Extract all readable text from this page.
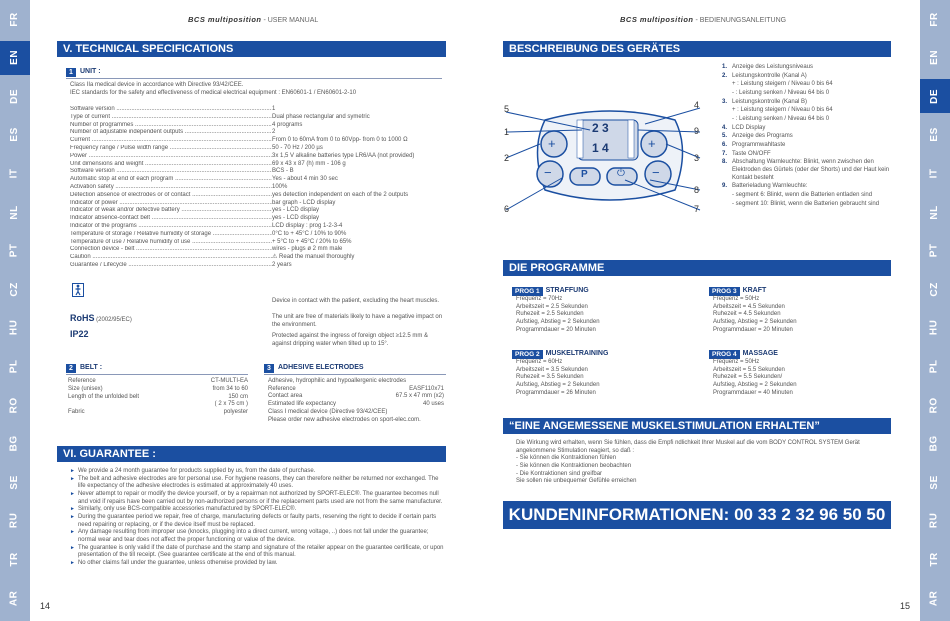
FR
EN
DE
ES
IT
NL
PT
CZ
HU
PL
RO
BG
SE
RU
TR
AR
FR
EN
DE
ES
IT
NL
PT
CZ
HU
PL
RO
BG
SE
RU
TR
AR
BCS multiposition - USER MANUAL
V. TECHNICAL SPECIFICATIONS
1	UNIT :
Class IIa medical device in accordance with Directive 93/42/CEE.
IEC standards for the safety and effectiveness of medical electrical equipment : EN60601-1 / EN60601-2-10
Software version .....	1
Type of current .....	Dual phase rectangular and symetric
Number of programmes .....	4 programs
Number of adjustable independent outputs .....	2
Current .....	From 0 to 60mA from 0 to 60Vpp- from 0 to 1000 Ω
Frequency range / Pulse width range .....	50 - 70 Hz / 200 µs
Power .....	3x 1,5 V alkaline batteries type LR6/AA (not provided)
Unit dimensions and weight .....	69 x 43 x 87 (h) mm - 106 g
Software version .....	BCS - B
Automatic stop at end of each program .....	Yes - about 4 min 30 sec
Activation safety .....	100%
Detection absence of electrodes or of contact .....	yes detection independent on each of the 2 outputs
Indicator of power .....	bar graph - LCD display
Indicator of weak and/or defective battery .....	yes - LCD display
Indicator absence-contact belt .....	yes - LCD display
Indicator of the programs .....	LCD display : prog 1-2-3-4
Temperature of storage / Relative humidity of storage .....	0°C to + 45°C / 10% to 90%
Temperature of use / Relative humidity of use .....	+ 5°C to + 45°C / 20% to 65%
Connection device - belt .....	wires - plugs ø 2 mm male
Caution .....	⚠ Read the manuel thoroughly
Guarantee / Lifecycle .....	2 years
RoHS (2002/95/EC)
IP22
Device in contact with the patient, excluding the heart muscles.
The unit are free of materials likely to have a negative impact on the environment.
Protected against the ingress of foreign object ≥12.5 mm & against dripping water when tilted up to 15°.
2	BELT :
Reference	CT-MULTI-EA
Size (unisex)	from 34 to 60
Length of the unfolded belt	150 cm
( 2 x 75 cm )
Fabric	polyester
3	ADHESIVE ELECTRODES
Adhesive, hydrophilic and hypoallergenic electrodes
Reference	EASF110x71
Contact area	67.5 x 47 mm (x2)
Estimated life expectancy	40 uses
Class I medical device (Directive 93/42/CEE)
Please order new adhesive electrodes on sport-elec.com.
VI. GUARANTEE :
► We provide a 24 month guarantee for products supplied by us, from the date of purchase.
► The belt and adhesive electrodes are for personal use. For hygiene reasons, they can therefore neither be returned nor exchanged. The life expectancy of the adhesive electrodes is estimated at approximately 40 uses.
► Never attempt to repair or modify the device yourself, or by a repairman not authorized by SPORT-ELEC®. The guarantee becomes null and void if repairs have been carried out by non-authorized persons or if the replacement parts used are not from the same manufacturer.
► Similarly, only use BCS-compatible accessories manufactured by SPORT-ELEC®.
► During the guarantee period we repair, free of charge, manufacturing defects or faulty parts, reserving the right to decide if certain parts need repairing or replacing, or if the device itself must be replaced.
► Any damage resulting from improper use (knocks, plugging into a direct current, wrong voltage, ..) does not fall under the guarantee; normal wear and tear does not affect the proper functioning or value of the device.
► The guarantee is only valid if the date of purchase and the stamp and signature of the retailer appear on the guarantee certificate, or upon presentation of the till receipt. (See guarantee certificate at the end of this manual.
► No other claims fall under the guarantee, unless otherwise provided by law.
14
BCS multiposition - BEDIENUNGSANLEITUNG
BESCHREIBUNG DES GERÄTES
2 3
1 4
+	+
−	−
P	⏻
5
1
2
6
4
9
3
8
7
1. Anzeige des Leistungsniveaus
2. Leistungskontrolle (Kanal A)
+ : Leistung steigern / Niveau 0 bis 64
- : Leistung senken / Niveau 64 bis 0
3. Leistungskontrolle (Kanal B)
+ : Leistung steigern / Niveau 0 bis 64
- : Leistung senken / Niveau 64 bis 0
4. LCD Display
5. Anzeige des Programs
6. Programmwahltaste
7. Taste ON/OFF
8. Abschaltung Warnleuchte: Blinkt, wenn zwischen den Elektroden des Gürtels (oder der Shorts) und der Haut kein Kontakt besteht
9. Batterieladung Warnleuchte:
- segment 6: Blinkt, wenn die Batterien entladen sind
- segment 10: Blinkt, wenn die Batterien gebraucht sind
DIE PROGRAMME
PROG 1 STRAFFUNG
Frequenz = 70Hz
Arbeitszeit = 2.5 Sekunden
Ruhezeit = 2.5 Sekunden
Aufstieg, Abstieg = 2 Sekunden
Programmdauer = 20 Minuten
PROG 3 KRAFT
Frequenz = 50Hz
Arbeitszeit = 4.5 Sekunden
Ruhezeit = 4.5 Sekunden
Aufstieg, Abstieg = 2 Sekunden
Programmdauer = 20 Minuten
PROG 2 MUSKELTRAINING
Frequenz = 60Hz
Arbeitszeit = 3.5 Sekunden
Ruhezeit = 3.5 Sekunden
Aufstieg, Abstieg = 2 Sekunden
Programmdauer = 26 Minuten
PROG 4 MASSAGE
Frequenz = 50Hz
Arbeitszeit = 5.5 Sekunden
Ruhezeit = 5.5 Sekunden/
Aufstieg, Abstieg = 2 Sekunden
Programmdauer = 40 Minuten
“EINE ANGEMESSENE MUSKELSTIMULATION ERHALTEN”
Die Wirkung wird erhalten, wenn Sie fühlen, dass die Empfi ndlichkeit Ihrer Muskel auf die vom BODY CONTROL SYSTEM Gerät
angekommene Stimulation reagiert, so daß :
- Sie können die Kontraktionen fühlen
- Sie können die Kontraktionen beobachten
- Die Kontraktionen sind greifbar
Sie sollen nie unbequemer Gefühle erreichen
KUNDENINFORMATIONEN: 00 33 2 32 96 50 50
15
